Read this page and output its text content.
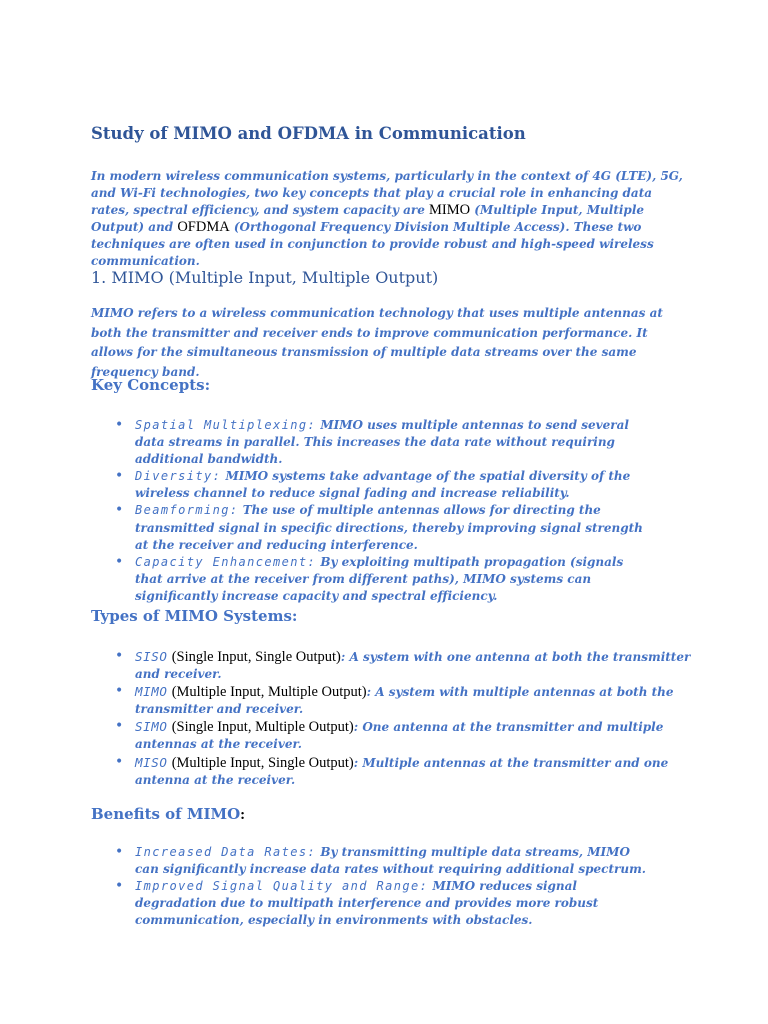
Study of MIMO and OFDMA in Communication
In modern wireless communication systems, particularly in the context of 4G (LTE), 5G, and Wi-Fi technologies, two key concepts that play a crucial role in enhancing data rates, spectral efficiency, and system capacity are MIMO (Multiple Input, Multiple Output) and OFDMA (Orthogonal Frequency Division Multiple Access). These two techniques are often used in conjunction to provide robust and high-speed wireless communication.
1. MIMO (Multiple Input, Multiple Output)
MIMO refers to a wireless communication technology that uses multiple antennas at both the transmitter and receiver ends to improve communication performance. It allows for the simultaneous transmission of multiple data streams over the same frequency band.
Key Concepts:
• Spatial Multiplexing: MIMO uses multiple antennas to send several data streams in parallel. This increases the data rate without requiring additional bandwidth.
• Diversity: MIMO systems take advantage of the spatial diversity of the wireless channel to reduce signal fading and increase reliability.
• Beamforming: The use of multiple antennas allows for directing the transmitted signal in specific directions, thereby improving signal strength at the receiver and reducing interference.
• Capacity Enhancement: By exploiting multipath propagation (signals that arrive at the receiver from different paths), MIMO systems can significantly increase capacity and spectral efficiency.
Types of MIMO Systems:
• SISO (Single Input, Single Output): A system with one antenna at both the transmitter and receiver.
• MIMO (Multiple Input, Multiple Output): A system with multiple antennas at both the transmitter and receiver.
• SIMO (Single Input, Multiple Output): One antenna at the transmitter and multiple antennas at the receiver.
• MISO (Multiple Input, Single Output): Multiple antennas at the transmitter and one antenna at the receiver.
Benefits of MIMO:
• Increased Data Rates: By transmitting multiple data streams, MIMO can significantly increase data rates without requiring additional spectrum.
• Improved Signal Quality and Range: MIMO reduces signal degradation due to multipath interference and provides more robust communication, especially in environments with obstacles.
